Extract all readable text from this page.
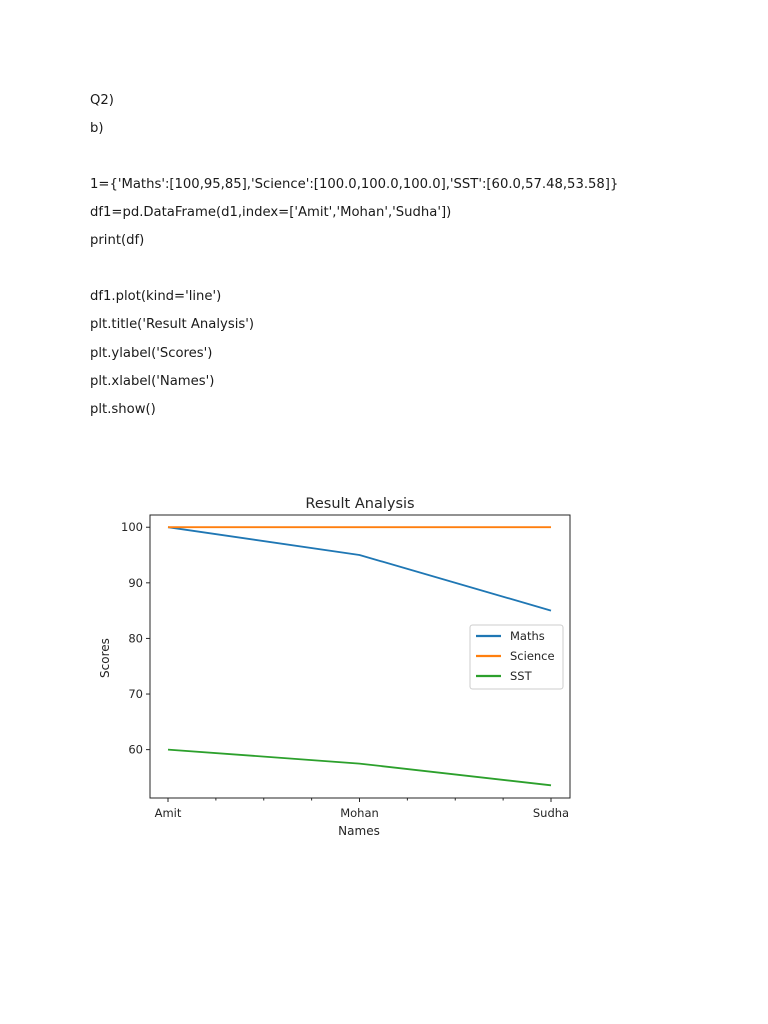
Q2)
b)
1={'Maths':[100,95,85],'Science':[100.0,100.0,100.0],'SST':[60.0,57.48,53.58]}
df1=pd.DataFrame(d1,index=['Amit','Mohan','Sudha'])
print(df)
df1.plot(kind='line')
plt.title('Result Analysis')
plt.ylabel('Scores')
plt.xlabel('Names')
plt.show()
Result Analysis
60
70
80
90
100
Amit	Mohan	Sudha
Names
Scores
Maths
Science
SST
